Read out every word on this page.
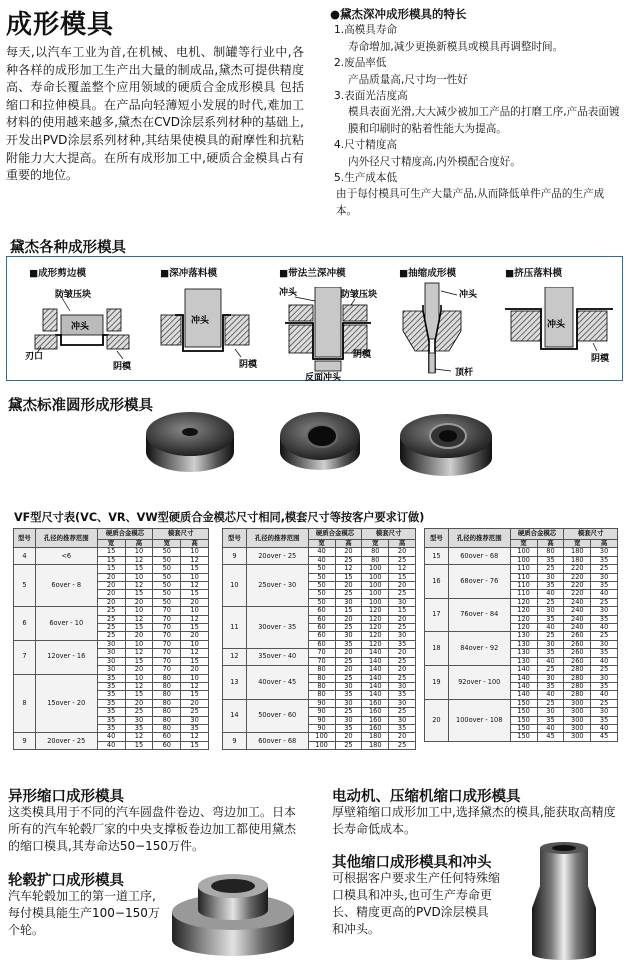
成形模具
每天,以汽车工业为首,在机械、电机、制罐等行业中,各种各样的成形加工生产出大量的制成品,黛杰可提供精度高、寿命长覆盖整个应用领域的硬质合金成形模具 包括缩口和拉伸模具。在产品向轻薄短小发展的时代,难加工材料的使用越来越多,黛杰在CVD涂层系列材种的基础上,开发出PVD涂层系列材种,其结果使模具的耐摩性和抗粘附能力大大提高。在所有成形加工中,硬质合金模具占有重要的地位。
●黛杰深冲成形模具的特长
1.高模具寿命
寿命增加,减少更换新模具或模具再调整时间。
2.废品率低
产品质量高,尺寸均一性好
3.表面光洁度高
模具表面光滑,大大减少被加工产品的打磨工序,产品表面镀膜和印刷时的粘着性能大为提高。
4.尺寸精度高
内外径尺寸精度高,内外模配合度好。
5.生产成本低
由于每付模具可生产大量产品,从而降低单件产品的生产成本。
黛杰各种成形模具
■成形剪边模	■深冲落料模	■带法兰深冲模	■抽缩成形模	■挤压落料模
防皱压块
冲头
刃口
阴模
冲头
阴模
冲头	防皱压块
阴模
反面冲头
冲头
顶杆
冲头
阴模
黛杰标准圆形成形模具
VF型尺寸表(VC、VR、VW型硬质合金模芯尺寸相同,模套尺寸等按客户要求订做)
型号	孔径的推荐范围	硬质合金模芯		模套尺寸	
		宽	高	宽	高
4	<6	15	10	50	10
		15	12	50	12
5	6over - 8	15	15	50	15
		20	10	50	10
		20	12	50	12
		20	15	50	15
		20	20	50	20
6	6over - 10	25	10	70	10
		25	12	70	12
		25	15	70	15
		25	20	70	20
7	12over - 16	30	10	70	10
		30	12	70	12
		30	15	70	15
		30	20	70	20
8	15over - 20	35	10	80	10
		35	12	80	12
		35	15	80	15
		35	20	80	20
		35	25	80	25
		35	30	80	30
		35	35	80	35
9	20over - 25	40	12	60	12
		40	15	60	15
型号	孔径的推荐范围	硬质合金模芯		模套尺寸	
		宽	高	宽	高
9	20over - 25	40	20	80	20
		40	25	80	25
10	25over - 30	50	12	100	12
		50	15	100	15
		50	20	100	20
		50	25	100	25
		50	30	100	30
11	30over - 35	60	15	120	15
		60	20	120	20
		60	25	120	25
		60	30	120	30
		60	35	120	35
12	35over - 40	70	20	140	20
		70	25	140	25
13	40over - 45	80	20	140	20
		80	25	140	25
		80	30	140	30
		80	35	140	35
14	50over - 60	90	30	160	30
		90	25	160	25
		90	30	160	30
		90	35	160	35
9	60over - 68	100	20	180	20
		100	25	180	25
型号	孔径的推荐范围	硬质合金模芯		模套尺寸	
		宽	高	宽	高
15	60over - 68	100	80	180	30
		100	35	180	35
16	68over - 76	110	25	220	25
		110	30	220	30
		110	35	220	35
		110	40	220	40
17	76over - 84	120	25	240	25
		120	30	240	30
		120	35	240	35
		120	40	240	40
18	84over - 92	130	25	260	25
		130	30	260	30
		130	35	260	35
		130	40	260	40
19	92over - 100	140	25	280	25
		140	30	280	30
		140	35	280	35
		140	40	280	40
20	100over - 108	150	25	300	25
		150	30	300	30
		150	35	300	35
		150	40	300	40
		150	45	300	45
异形缩口成形模具
这类模具用于不同的汽车圆盘件卷边、弯边加工。日本所有的汽车轮毂厂家的中央支撑板卷边加工都使用黛杰的缩口模具,其寿命达50−150万件。
轮毂扩口成形模具
汽车轮毂加工的第一道工序,每付模具能生产100−150万个轮。
电动机、压缩机缩口成形模具
厚壁箱缩口成形加工中,选择黛杰的模具,能获取高精度长寿命低成本。
其他缩口成形模具和冲头
可根据客户要求生产任何特殊缩口模具和冲头,也可生产寿命更长、精度更高的PVD涂层模具和冲头。
